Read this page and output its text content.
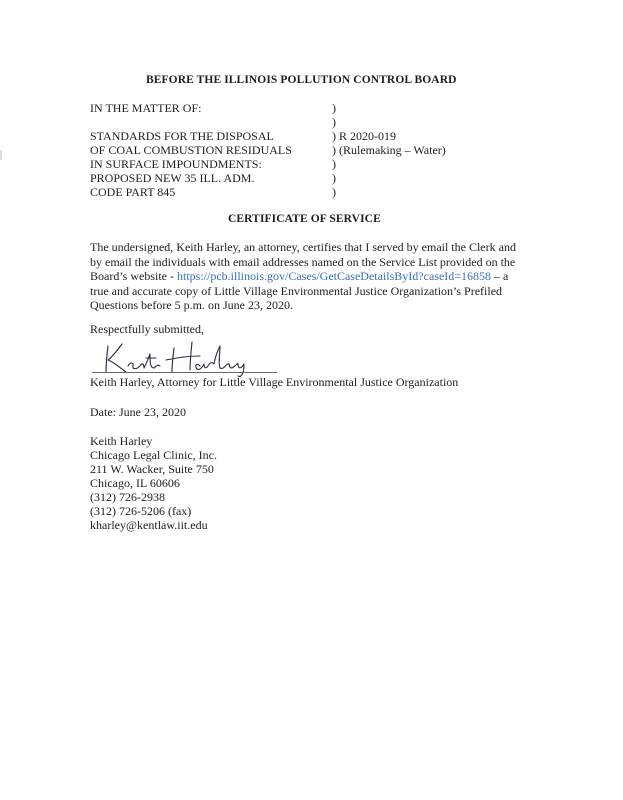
BEFORE THE ILLINOIS POLLUTION CONTROL BOARD
IN THE MATTER OF:
STANDARDS FOR THE DISPOSAL
OF COAL COMBUSTION RESIDUALS
IN SURFACE IMPOUNDMENTS:
PROPOSED NEW 35 ILL. ADM.
CODE PART 845
)
)
) R 2020-019
) (Rulemaking – Water)
)
)
)
CERTIFICATE OF SERVICE
The undersigned, Keith Harley, an attorney, certifies that I served by email the Clerk and by email the individuals with email addresses named on the Service List provided on the Board’s website - https://pcb.illinois.gov/Cases/GetCaseDetailsById?caseId=16858 – a true and accurate copy of Little Village Environmental Justice Organization’s Prefiled Questions before 5 p.m. on June 23, 2020.
Respectfully submitted,
Keith Harley, Attorney for Little Village Environmental Justice Organization
Date: June 23, 2020
Keith Harley
Chicago Legal Clinic, Inc.
211 W. Wacker, Suite 750
Chicago, IL 60606
(312) 726-2938
(312) 726-5206 (fax)
kharley@kentlaw.iit.edu
